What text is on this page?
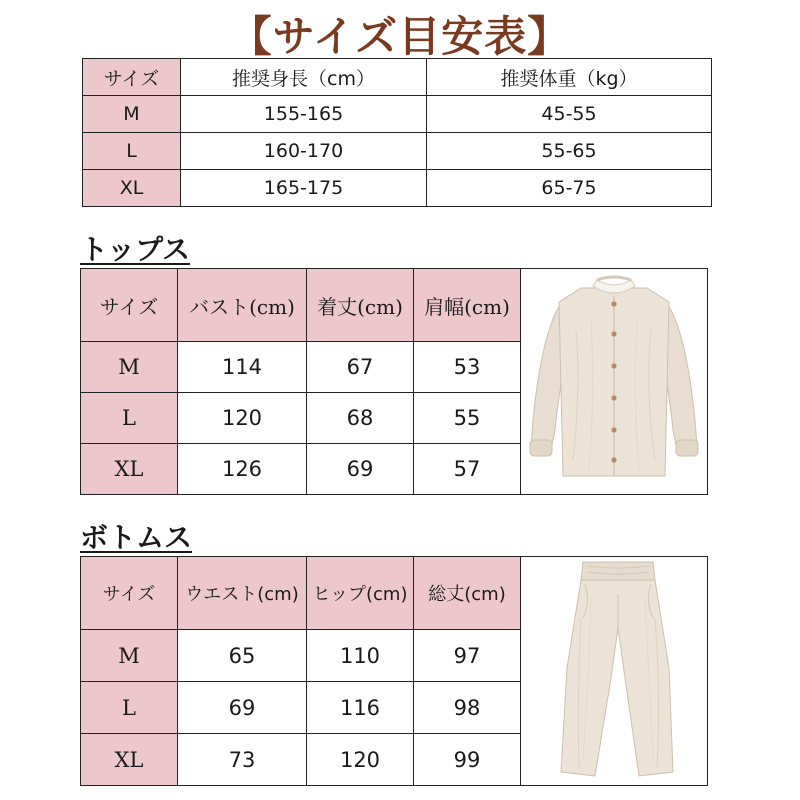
【サイズ目安表】
サイズ	推奨身長（cm）	推奨体重（kg）
M	155-165	45-55
L	160-170	55-65
XL	165-175	65-75
トップス
サイズ	バスト(cm)	着丈(cm)	肩幅(cm)	

M	114	67	53	
L	120	68	55	
XL	126	69	57	
ボトムス
サイズ	ウエスト(cm)	ヒップ(cm)	総丈(cm)	

M	65	110	97	
L	69	116	98	
XL	73	120	99	
